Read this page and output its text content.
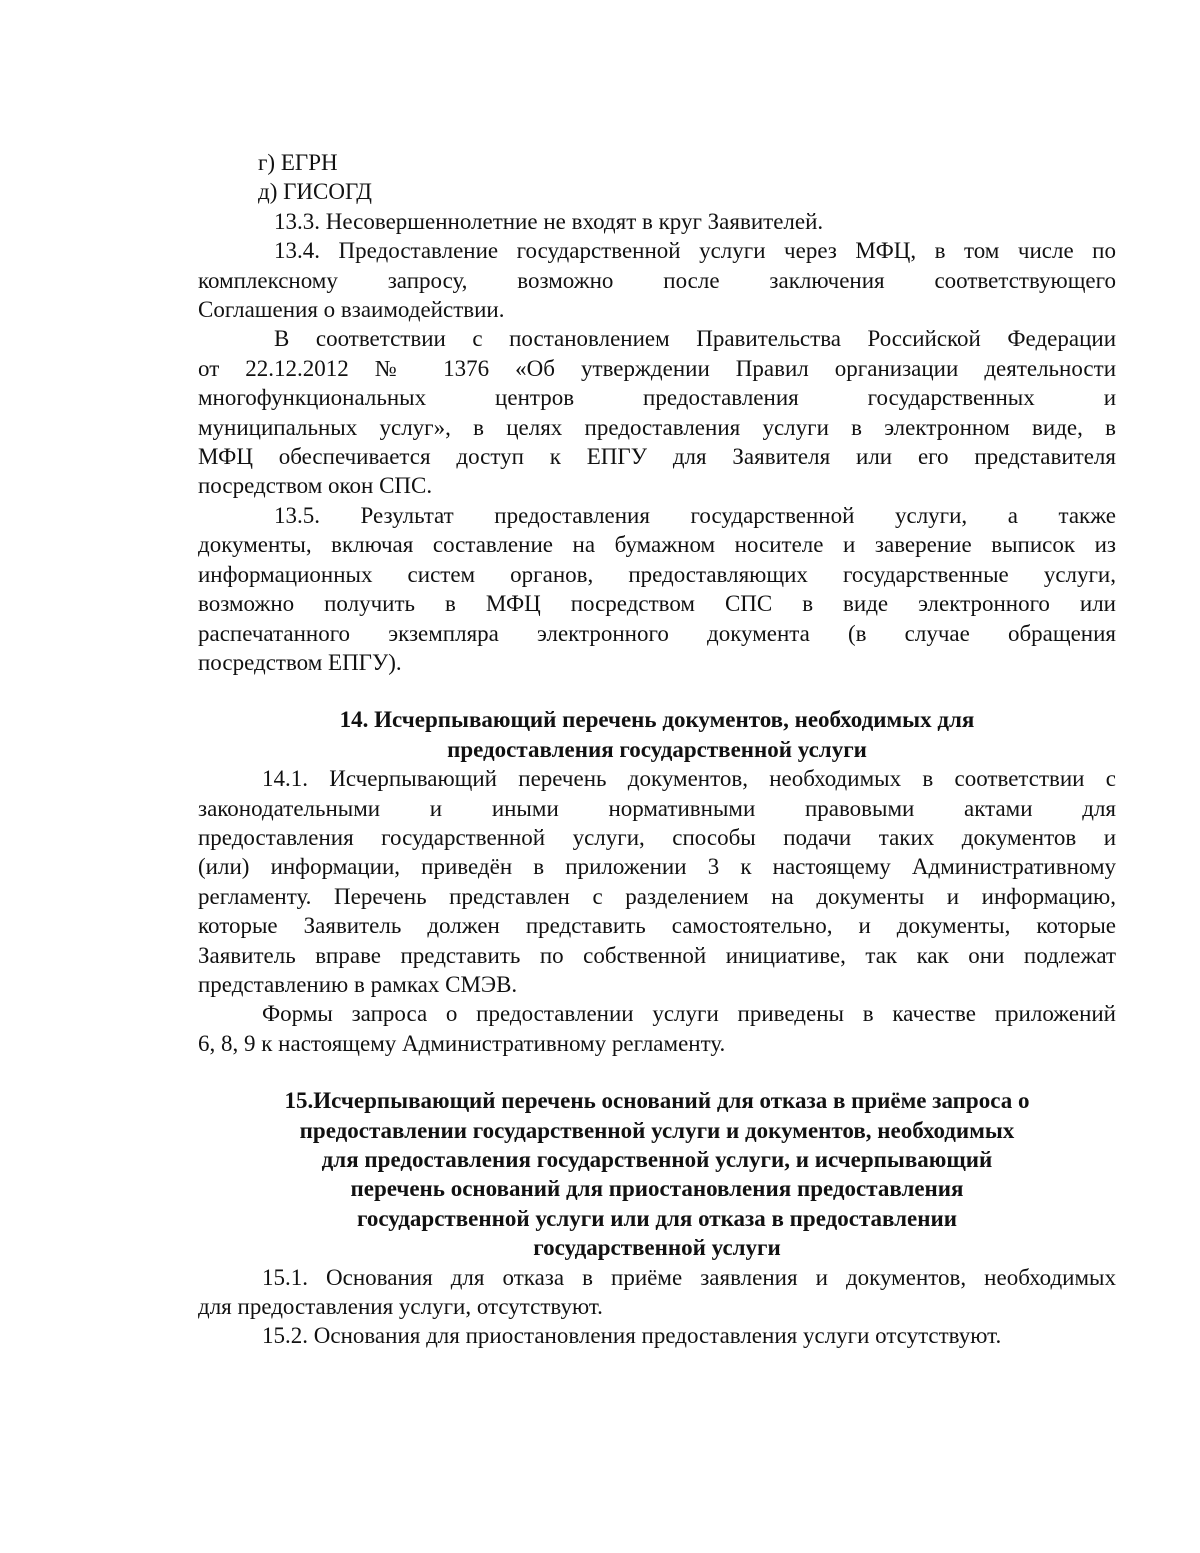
г) ЕГРН
д) ГИСОГД
13.3. Несовершеннолетние не входят в круг Заявителей.
13.4. Предоставление государственной услуги через МФЦ, в том числе по
комплексному запросу, возможно после заключения соответствующего
Соглашения о взаимодействии.
В соответствии с постановлением Правительства Российской Федерации
от 22.12.2012 № 1376 «Об утверждении Правил организации деятельности
многофункциональных центров предоставления государственных и
муниципальных услуг», в целях предоставления услуги в электронном виде, в
МФЦ обеспечивается доступ к ЕПГУ для Заявителя или его представителя
посредством окон СПС.
13.5. Результат предоставления государственной услуги, а также
документы, включая составление на бумажном носителе и заверение выписок из
информационных систем органов, предоставляющих государственные услуги,
возможно получить в МФЦ посредством СПС в виде электронного или
распечатанного экземпляра электронного документа (в случае обращения
посредством ЕПГУ).
14. Исчерпывающий перечень документов, необходимых для
предоставления государственной услуги
14.1. Исчерпывающий перечень документов, необходимых в соответствии с
законодательными и иными нормативными правовыми актами для
предоставления государственной услуги, способы подачи таких документов и
(или) информации, приведён в приложении 3 к настоящему Административному
регламенту. Перечень представлен с разделением на документы и информацию,
которые Заявитель должен представить самостоятельно, и документы, которые
Заявитель вправе представить по собственной инициативе, так как они подлежат
представлению в рамках СМЭВ.
Формы запроса о предоставлении услуги приведены в качестве приложений
6, 8, 9 к настоящему Административному регламенту.
15.Исчерпывающий перечень оснований для отказа в приёме запроса о
предоставлении государственной услуги и документов, необходимых
для предоставления государственной услуги, и исчерпывающий
перечень оснований для приостановления предоставления
государственной услуги или для отказа в предоставлении
государственной услуги
15.1. Основания для отказа в приёме заявления и документов, необходимых
для предоставления услуги, отсутствуют.
15.2. Основания для приостановления предоставления услуги отсутствуют.
